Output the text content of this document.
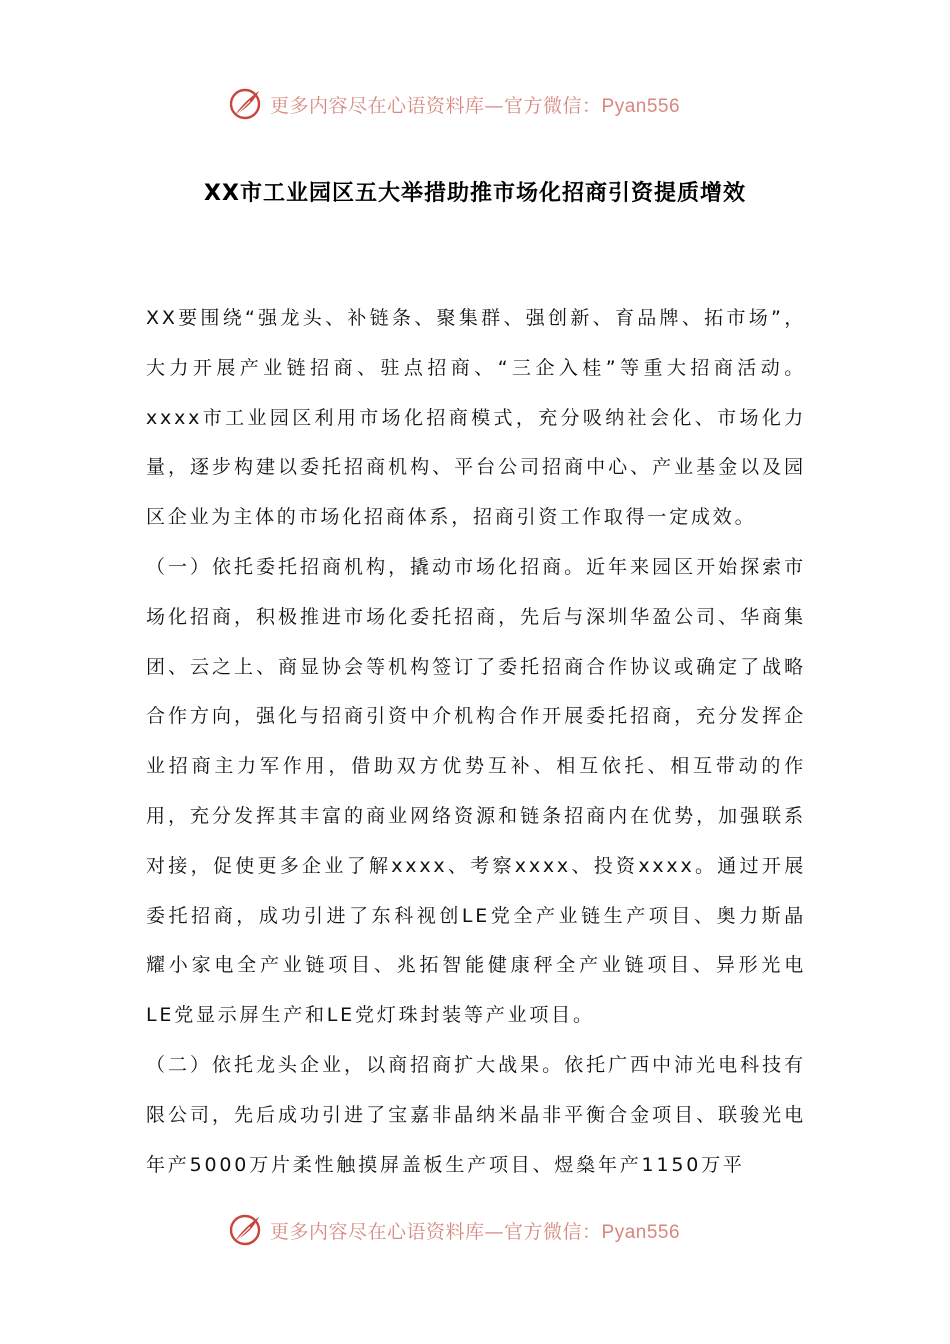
更多内容尽在心语资料库—官方微信：Pyan556
XX市工业园区五大举措助推市场化招商引资提质增效

XX要围绕“强龙头、补链条、聚集群、强创新、育品牌、拓市场”，大力开展产业链招商、驻点招商、“三企入桂”等重大招商活动。xxxx市工业园区利用市场化招商模式，充分吸纳社会化、市场化力量，逐步构建以委托招商机构、平台公司招商中心、产业基金以及园区企业为主体的市场化招商体系，招商引资工作取得一定成效。

（一）依托委托招商机构，撬动市场化招商。近年来园区开始探索市场化招商，积极推进市场化委托招商，先后与深圳华盈公司、华商集团、云之上、商显协会等机构签订了委托招商合作协议或确定了战略合作方向，强化与招商引资中介机构合作开展委托招商，充分发挥企业招商主力军作用，借助双方优势互补、相互依托、相互带动的作用，充分发挥其丰富的商业网络资源和链条招商内在优势，加强联系对接，促使更多企业了解xxxx、考察xxxx、投资xxxx。通过开展委托招商，成功引进了东科视创LE党全产业链生产项目、奥力斯晶耀小家电全产业链项目、兆拓智能健康秤全产业链项目、异形光电LE党显示屏生产和LE党灯珠封装等产业项目。

（二）依托龙头企业，以商招商扩大战果。依托广西中沛光电科技有限公司，先后成功引进了宝嘉非晶纳米晶非平衡合金项目、联骏光电年产5000万片柔性触摸屏盖板生产项目、煜燊年产1150万平

更多内容尽在心语资料库—官方微信：Pyan556
